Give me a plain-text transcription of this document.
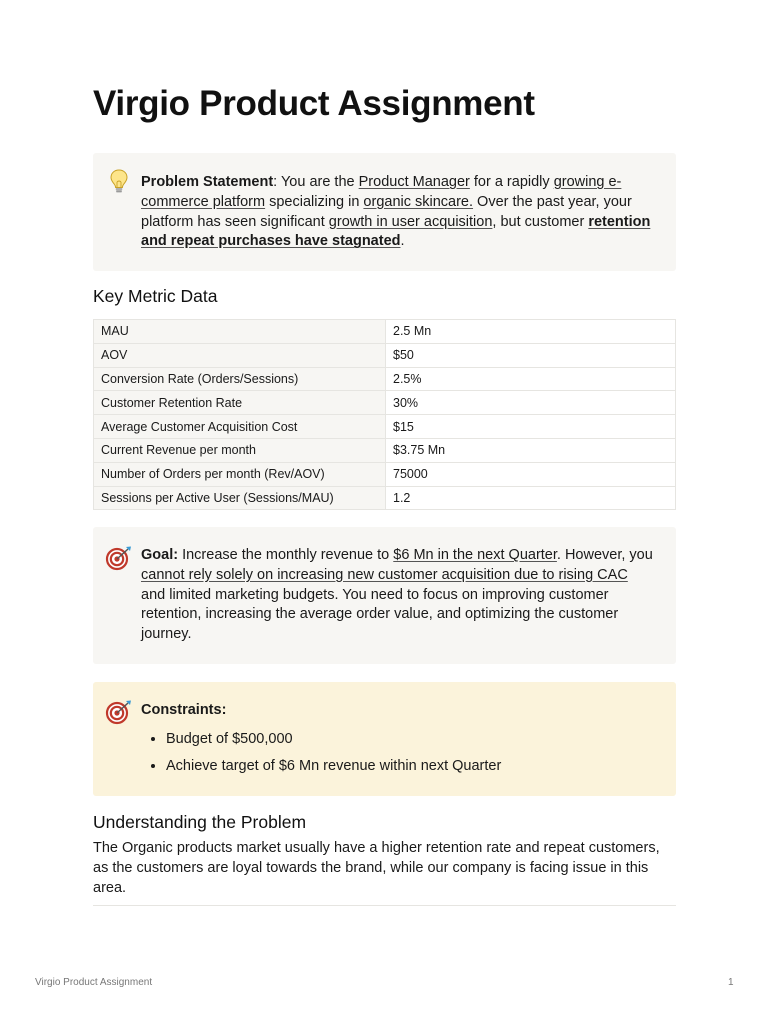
Virgio Product Assignment
Problem Statement: You are the Product Manager for a rapidly growing e-commerce platform specializing in organic skincare. Over the past year, your platform has seen significant growth in user acquisition, but customer retention and repeat purchases have stagnated.
Key Metric Data
MAU	2.5 Mn
AOV	$50
Conversion Rate (Orders/Sessions)	2.5%
Customer Retention Rate	30%
Average Customer Acquisition Cost	$15
Current Revenue per month	$3.75 Mn
Number of Orders per month (Rev/AOV)	75000
Sessions per Active User (Sessions/MAU)	1.2
Goal: Increase the monthly revenue to $6 Mn in the next Quarter. However, you cannot rely solely on increasing new customer acquisition due to rising CAC and limited marketing budgets. You need to focus on improving customer retention, increasing the average order value, and optimizing the customer journey.
Constraints:
• Budget of $500,000
• Achieve target of $6 Mn revenue within next Quarter
Understanding the Problem

The Organic products market usually have a higher retention rate and repeat customers, as the customers are loyal towards the brand, while our company is facing issue in this area.

Virgio Product Assignment	1
